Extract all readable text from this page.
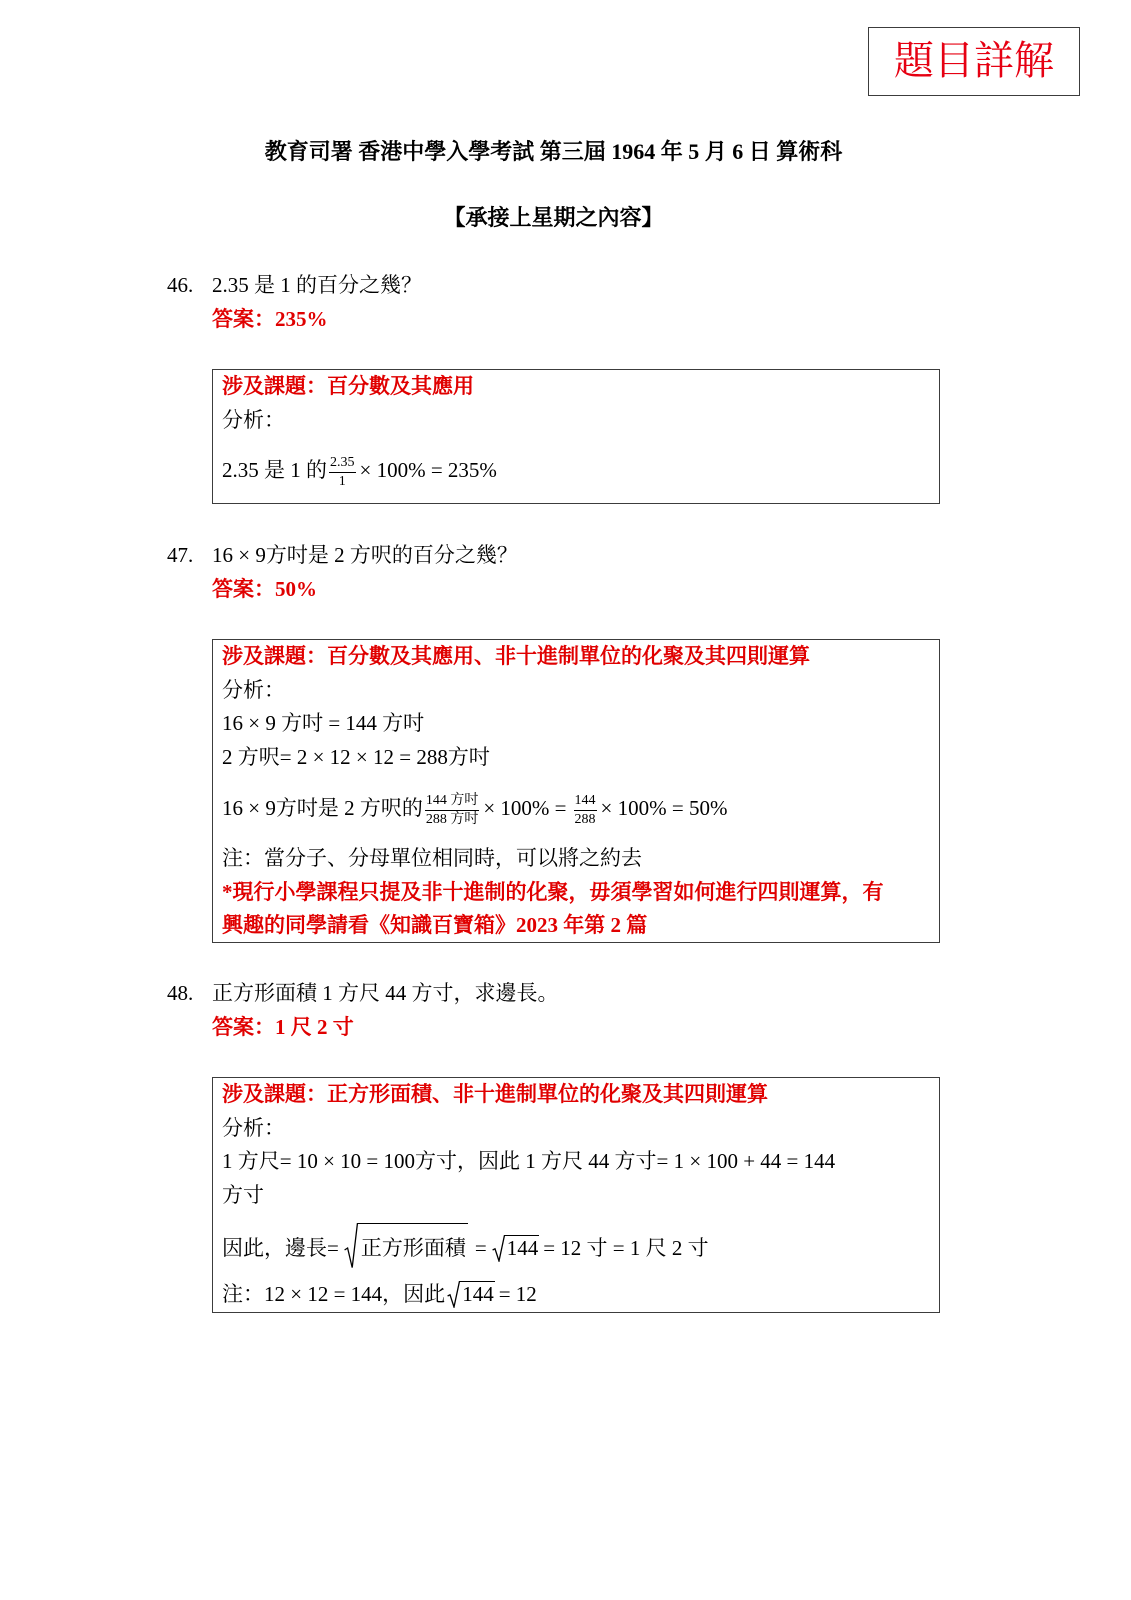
題目詳解
教育司署 香港中學入學考試 第三屆 1964 年 5 月 6 日 算術科
【承接上星期之內容】
46. 2.35 是 1 的百分之幾？
答案：235%
涉及課題：百分數及其應用
分析：
2.35 是 1 的 $\frac{2.35}{1} \times 100\% = 235\%$
47. 16 × 9方吋是 2 方呎的百分之幾？
答案：50%
涉及課題：百分數及其應用、非十進制單位的化聚及其四則運算
分析：
16 × 9 方吋 = 144 方吋
2 方呎= 2 × 12 × 12 = 288方吋
16 × 9方吋是 2 方呎的 $\frac{\text{144 方吋}}{\text{288 方吋}} \times 100\% = \frac{144}{288} \times 100\% = 50\%$
注：當分子、分母單位相同時，可以將之約去
*現行小學課程只提及非十進制的化聚，毋須學習如何進行四則運算，有
興趣的同學請看《知識百寶箱》2023 年第 2 篇
48. 正方形面積 1 方尺 44 方寸，求邊長。
答案：1 尺 2 寸
涉及課題：正方形面積、非十進制單位的化聚及其四則運算
分析：
1 方尺= 10 × 10 = 100方寸，因此 1 方尺 44 方寸= 1 × 100 + 44 = 144
方寸
因此，邊長= 正方形面積 = 144 = 12 寸 = 1 尺 2 寸
注：12 × 12 = 144，因此 144 = 12
